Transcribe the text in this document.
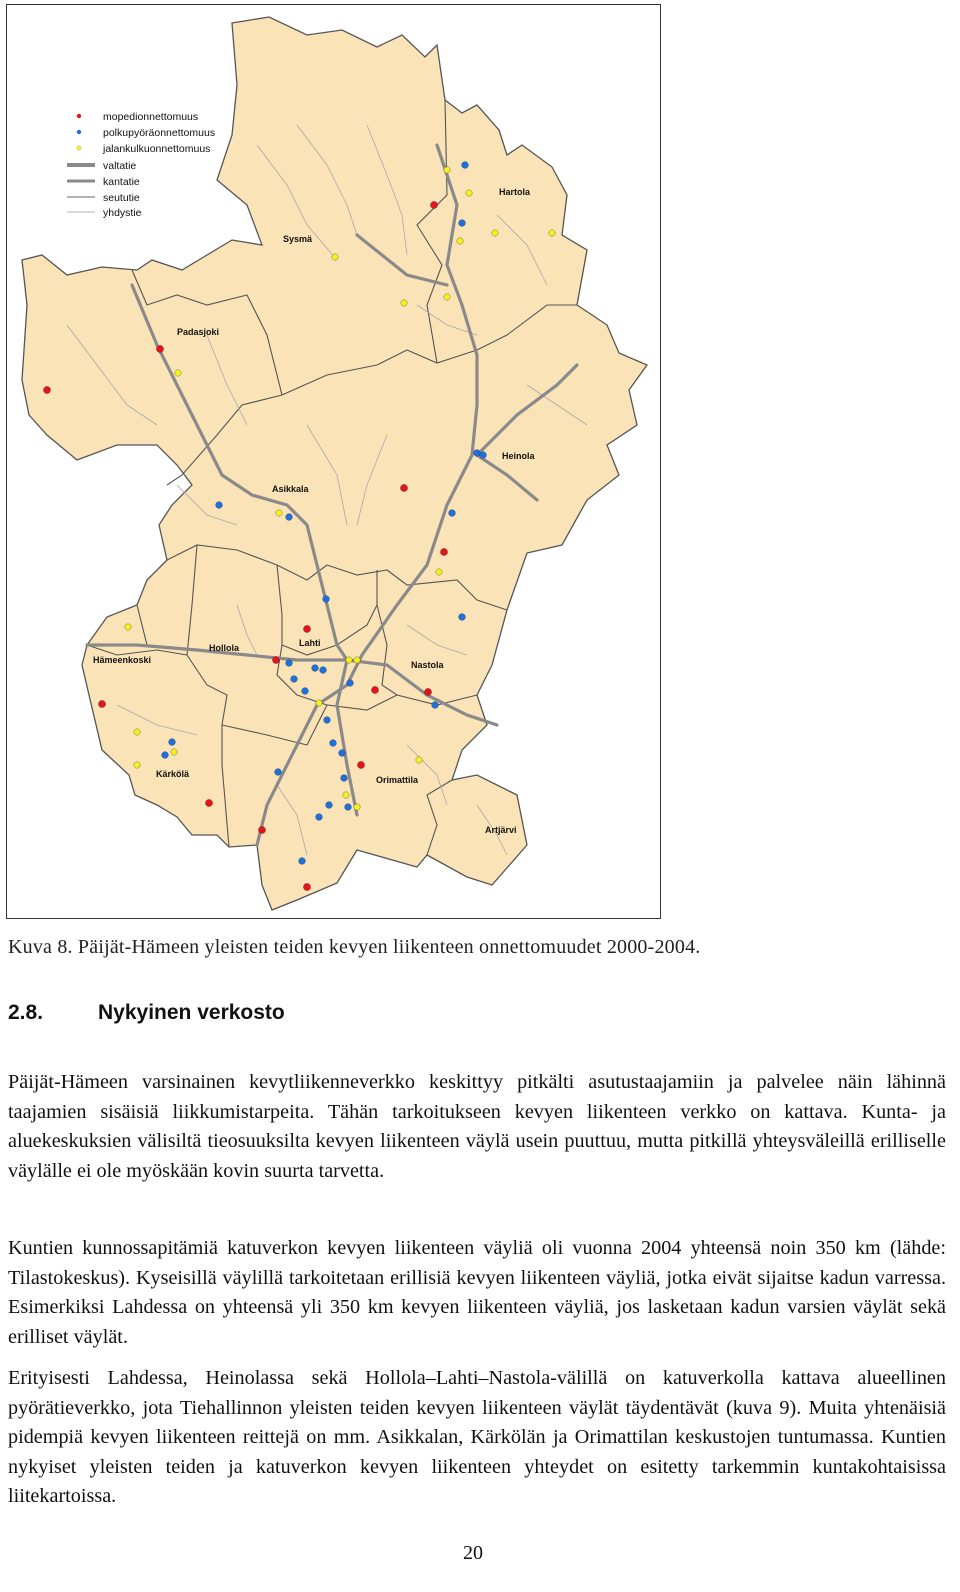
Hartola
Sysmä
Padasjoki
Heinola
Asikkala
Hollola	Lahti
Hämeenkoski	Nastola
Kärkölä
Orimattila
Artjärvi
mopedionnettomuus
polkupyöräonnettomuus
jalankulkuonnettomuus
valtatie
kantatie
seututie
yhdystie
Kuva 8. Päijät-Hämeen yleisten teiden kevyen liikenteen onnettomuudet 2000-2004.
2.8.	Nykyinen verkosto

Päijät-Hämeen varsinainen kevytliikenneverkko keskittyy pitkälti asutustaajamiin ja palvelee näin lähinnä taajamien sisäisiä liikkumistarpeita. Tähän tarkoitukseen kevyen liikenteen verkko on kattava. Kunta- ja aluekeskuksien välisiltä tieosuuksilta kevyen liikenteen väylä usein puuttuu, mutta pitkillä yhteysväleillä erilliselle väylälle ei ole myöskään kovin suurta tarvetta.

Kuntien kunnossapitämiä katuverkon kevyen liikenteen väyliä oli vuonna 2004 yhteensä noin 350 km (lähde: Tilastokeskus). Kyseisillä väylillä tarkoitetaan erillisiä kevyen liikenteen väyliä, jotka eivät sijaitse kadun varressa. Esimerkiksi Lahdessa on yhteensä yli 350 km kevyen liikenteen väyliä, jos lasketaan kadun varsien väylät sekä erilliset väylät.

Erityisesti Lahdessa, Heinolassa sekä Hollola–Lahti–Nastola-välillä on katuverkolla kattava alueellinen pyörätieverkko, jota Tiehallinnon yleisten teiden kevyen liikenteen väylät täydentävät (kuva 9). Muita yhtenäisiä pidempiä kevyen liikenteen reittejä on mm. Asikkalan, Kärkölän ja Orimattilan keskustojen tuntumassa. Kuntien nykyiset yleisten teiden ja katuverkon kevyen liikenteen yhteydet on esitetty tarkemmin kuntakohtaisissa liitekartoissa.

20
